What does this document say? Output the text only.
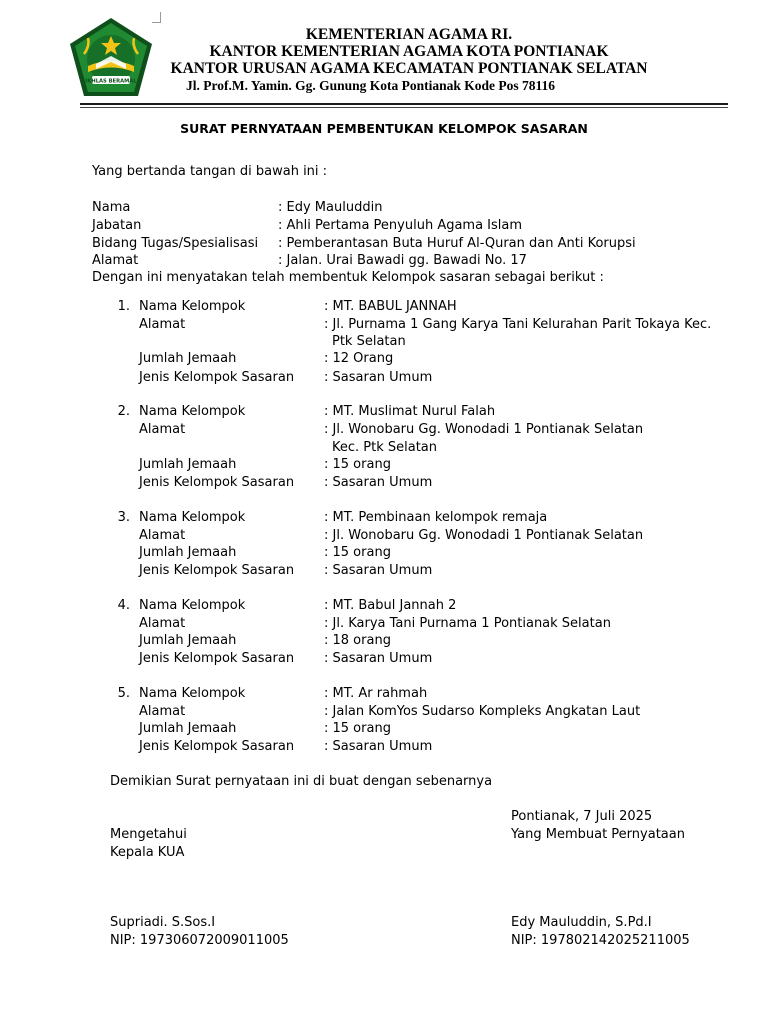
IKHLAS BERAMAL
KEMENTERIAN AGAMA RI.
KANTOR KEMENTERIAN AGAMA KOTA PONTIANAK
KANTOR URUSAN AGAMA KECAMATAN PONTIANAK SELATAN
Jl. Prof.M. Yamin. Gg. Gunung Kota Pontianak Kode Pos 78116
SURAT PERNYATAAN PEMBENTUKAN KELOMPOK SASARAN
Yang bertanda tangan di bawah ini :
Nama	: Edy Mauluddin
Jabatan	: Ahli Pertama Penyuluh Agama Islam
Bidang Tugas/Spesialisasi : Pemberantasan Buta Huruf Al-Quran dan Anti Korupsi
Alamat	: Jalan. Urai Bawadi gg. Bawadi No. 17
Dengan ini menyatakan telah membentuk Kelompok sasaran sebagai berikut :
1. Nama Kelompok	: MT. BABUL JANNAH
Alamat	: Jl. Purnama 1 Gang Karya Tani Kelurahan Parit Tokaya Kec.
Ptk Selatan
Jumlah Jemaah	: 12 Orang
Jenis Kelompok Sasaran : Sasaran Umum
2. Nama Kelompok	: MT. Muslimat Nurul Falah
Alamat	: Jl. Wonobaru Gg. Wonodadi 1 Pontianak Selatan
Kec. Ptk Selatan
Jumlah Jemaah	: 15 orang
Jenis Kelompok Sasaran : Sasaran Umum
3. Nama Kelompok	: MT. Pembinaan kelompok remaja
Alamat	: Jl. Wonobaru Gg. Wonodadi 1 Pontianak Selatan
Jumlah Jemaah	: 15 orang
Jenis Kelompok Sasaran : Sasaran Umum
4. Nama Kelompok	: MT. Babul Jannah 2
Alamat	: Jl. Karya Tani Purnama 1 Pontianak Selatan
Jumlah Jemaah	: 18 orang
Jenis Kelompok Sasaran : Sasaran Umum
5. Nama Kelompok	: MT. Ar rahmah
Alamat	: Jalan KomYos Sudarso Kompleks Angkatan Laut
Jumlah Jemaah	: 15 orang
Jenis Kelompok Sasaran : Sasaran Umum
Demikian Surat pernyataan ini di buat dengan sebenarnya
Pontianak, 7 Juli 2025
Mengetahui	Yang Membuat Pernyataan
Kepala KUA
Supriadi. S.Sos.I	Edy Mauluddin, S.Pd.I
NIP: 197306072009011005	NIP: 197802142025211005
